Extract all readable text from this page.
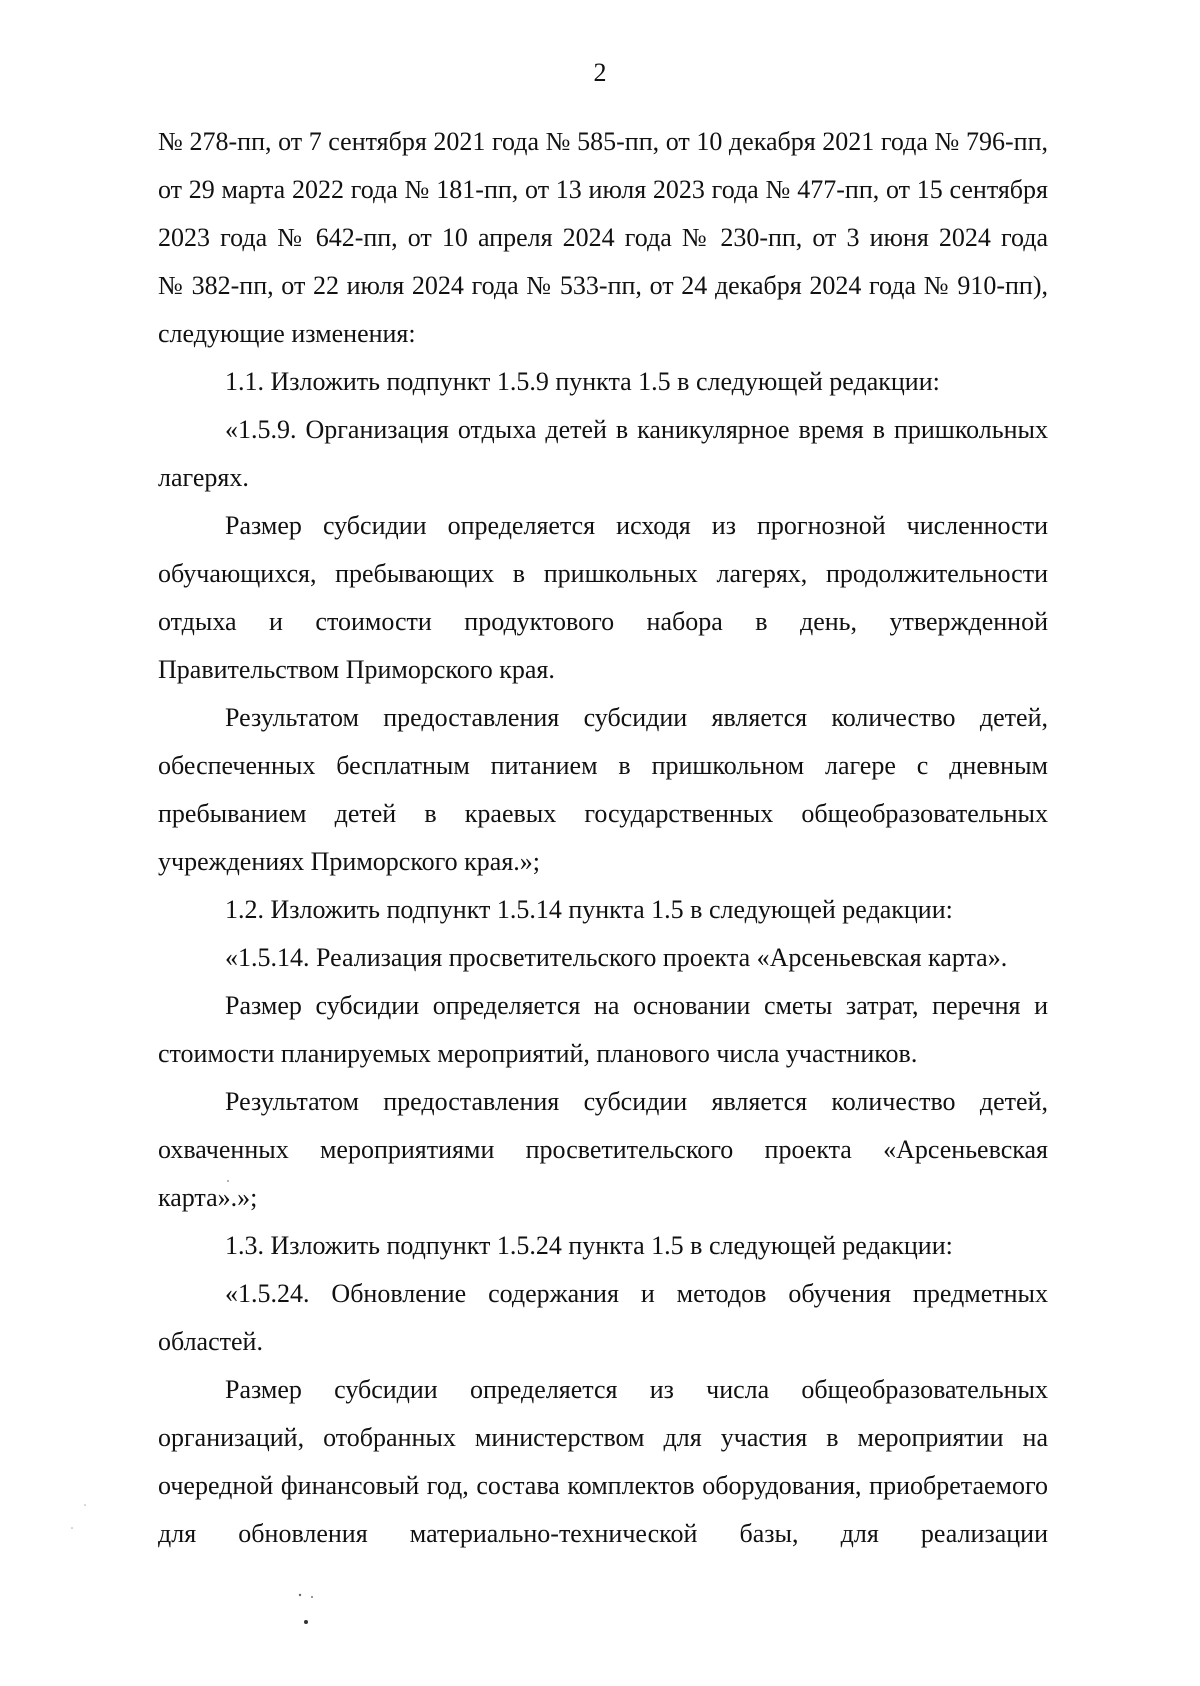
2
№ 278-пп, от 7 сентября 2021 года № 585-пп, от 10 декабря 2021 года № 796-пп,
от 29 марта 2022 года № 181-пп, от 13 июля 2023 года № 477-пп, от 15 сентября
2023 года № 642-пп, от 10 апреля 2024 года № 230-пп, от 3 июня 2024 года
№ 382-пп, от 22 июля 2024 года № 533-пп, от 24 декабря 2024 года № 910-пп),
следующие изменения:
1.1. Изложить подпункт 1.5.9 пункта 1.5 в следующей редакции:
«1.5.9. Организация отдыха детей в каникулярное время в пришкольных
лагерях.
Размер субсидии определяется исходя из прогнозной численности
обучающихся, пребывающих в пришкольных лагерях, продолжительности
отдыха и стоимости продуктового набора в день, утвержденной
Правительством Приморского края.
Результатом предоставления субсидии является количество детей,
обеспеченных бесплатным питанием в пришкольном лагере с дневным
пребыванием детей в краевых государственных общеобразовательных
учреждениях Приморского края.»;
1.2. Изложить подпункт 1.5.14 пункта 1.5 в следующей редакции:
«1.5.14. Реализация просветительского проекта «Арсеньевская карта».
Размер субсидии определяется на основании сметы затрат, перечня и
стоимости планируемых мероприятий, планового числа участников.
Результатом предоставления субсидии является количество детей,
охваченных мероприятиями просветительского проекта «Арсеньевская
карта».»;
1.3. Изложить подпункт 1.5.24 пункта 1.5 в следующей редакции:
«1.5.24. Обновление содержания и методов обучения предметных
областей.
Размер субсидии определяется из числа общеобразовательных
организаций, отобранных министерством для участия в мероприятии на
очередной финансовый год, состава комплектов оборудования, приобретаемого
для обновления материально-технической базы, для реализации
